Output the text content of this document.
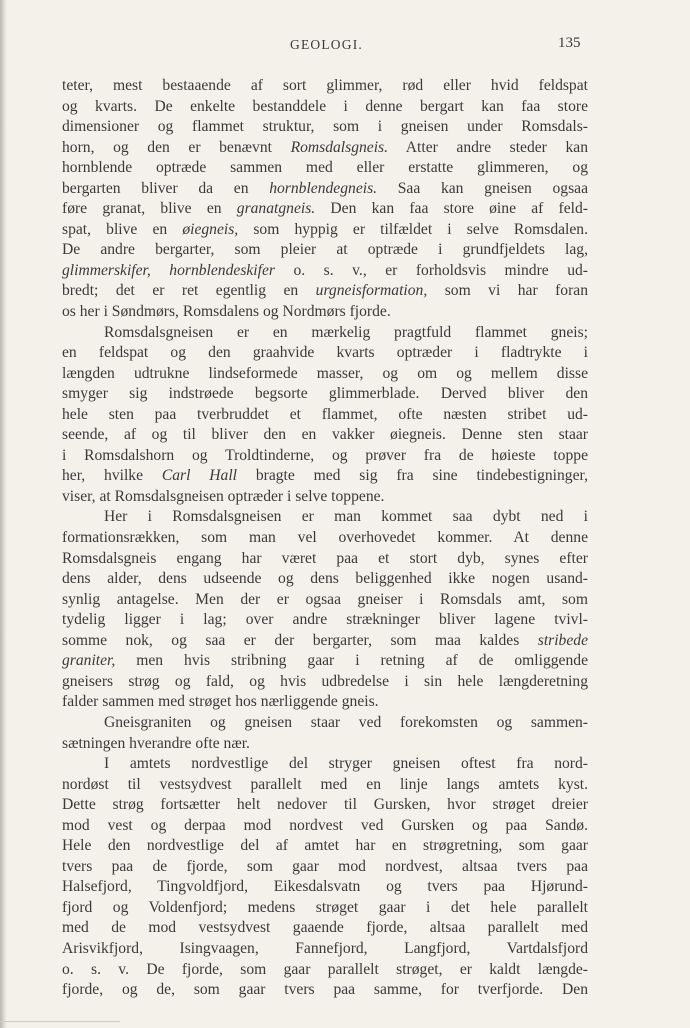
GEOLOGI.	135
teter, mest bestaaende af sort glimmer, rød eller hvid feldspat
og kvarts. De enkelte bestanddele i denne bergart kan faa store
dimensioner og flammet struktur, som i gneisen under Romsdals-
horn, og den er benævnt Romsdalsgneis. Atter andre steder kan
hornblende optræde sammen med eller erstatte glimmeren, og
bergarten bliver da en hornblendegneis. Saa kan gneisen ogsaa
føre granat, blive en granatgneis. Den kan faa store øine af feld-
spat, blive en øiegneis, som hyppig er tilfældet i selve Romsdalen.
De andre bergarter, som pleier at optræde i grundfjeldets lag,
glimmerskifer, hornblendeskifer o. s. v., er forholdsvis mindre ud-
bredt; det er ret egentlig en urgneisformation, som vi har foran
os her i Søndmørs, Romsdalens og Nordmørs fjorde.
Romsdalsgneisen er en mærkelig pragtfuld flammet gneis;
en feldspat og den graahvide kvarts optræder i fladtrykte i
længden udtrukne lindseformede masser, og om og mellem disse
smyger sig indstrøede begsorte glimmerblade. Derved bliver den
hele sten paa tverbruddet et flammet, ofte næsten stribet ud-
seende, af og til bliver den en vakker øiegneis. Denne sten staar
i Romsdalshorn og Troldtinderne, og prøver fra de høieste toppe
her, hvilke Carl Hall bragte med sig fra sine tindebestigninger,
viser, at Romsdalsgneisen optræder i selve toppene.
Her i Romsdalsgneisen er man kommet saa dybt ned i
formationsrækken, som man vel overhovedet kommer. At denne
Romsdalsgneis engang har været paa et stort dyb, synes efter
dens alder, dens udseende og dens beliggenhed ikke nogen usand-
synlig antagelse. Men der er ogsaa gneiser i Romsdals amt, som
tydelig ligger i lag; over andre strækninger bliver lagene tvivl-
somme nok, og saa er der bergarter, som maa kaldes stribede
graniter, men hvis stribning gaar i retning af de omliggende
gneisers strøg og fald, og hvis udbredelse i sin hele længderetning
falder sammen med strøget hos nærliggende gneis.
Gneisgraniten og gneisen staar ved forekomsten og sammen-
sætningen hverandre ofte nær.
I amtets nordvestlige del stryger gneisen oftest fra nord-
nordøst til vestsydvest parallelt med en linje langs amtets kyst.
Dette strøg fortsætter helt nedover til Gursken, hvor strøget dreier
mod vest og derpaa mod nordvest ved Gursken og paa Sandø.
Hele den nordvestlige del af amtet har en strøgretning, som gaar
tvers paa de fjorde, som gaar mod nordvest, altsaa tvers paa
Halsefjord, Tingvoldfjord, Eikesdalsvatn og tvers paa Hjørund-
fjord og Voldenfjord; medens strøget gaar i det hele parallelt
med de mod vestsydvest gaaende fjorde, altsaa parallelt med
Arisvikfjord, Isingvaagen, Fannefjord, Langfjord, Vartdalsfjord
o. s. v. De fjorde, som gaar parallelt strøget, er kaldt længde-
fjorde, og de, som gaar tvers paa samme, for tverfjorde. Den
